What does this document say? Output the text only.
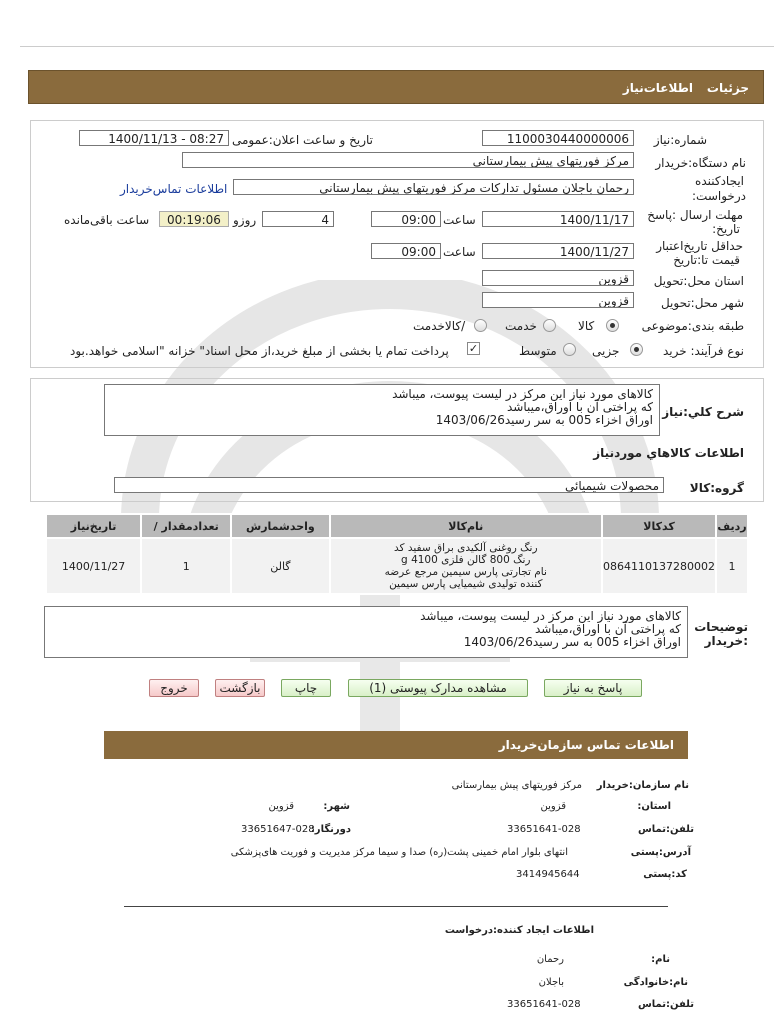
جزئیات
اطلاعات‌نیاز
شماره:نیاز
1100030440000006
تاریخ و ساعت اعلان:عمومی
1400/11/13 - 08:27
نام دستگاه:خریدار
مرکز فوریتهای پیش بیمارستانی
ایجادکننده
درخواست:
رحمان باجلان مسئول تدارکات مرکز فوریتهای پیش بیمارستانی
اطلاعات تماس‌خریدار
مهلت ارسال :پاسخ
تاریخ:
1400/11/17
ساعت
09:00
4
روزو
00:19:06
ساعت باقی‌مانده
حداقل تاریخ‌اعتبار
قیمت تا:تاریخ
1400/11/27
ساعت
09:00
استان محل:تحویل
قزوین
شهر محل:تحویل
قزوین
طبقه بندی:موضوعی
کالا
خدمت
/کالاخدمت
نوع فرآیند: خرید
جزیی
متوسط
✓
پرداخت تمام یا بخشی از مبلغ خرید،از محل اسناد" خزانه "اسلامی خواهد.بود
شرح کلي:نياز
کالاهای مورد نیاز این مرکز در لیست پیوست، میباشد
که پراختی آن با اوراق،میباشد
اوراق اخزاء 005 به سر رسید1403/06/26
اطلاعات کالاهاي موردنياز
گروه:کالا
محصولات شیمیائی
تاریخ‌نیاز	/ تعدادمقدار	واحدشمارش	نام‌کالا	کدکالا	ردیف
1400/11/27	1	گالن	رنگ روغنی آلکیدی براق سفید کد
رنگ 800 گالن فلزی 4100 g
نام تجارتی پارس سیمین مرجع عرضه
کننده تولیدی شیمیایی پارس سیمین	0864110137280002	1
توضیحات
:خریدار
کالاهای مورد نیاز این مرکز در لیست پیوست، میباشد
که پراختی آن با اوراق،میباشد
اوراق اخزاء 005 به سر رسید1403/06/26
پاسخ به نیاز
مشاهده مدارک پیوستی (1)
چاپ
بازگشت
خروج
اطلاعات تماس سازمان‌خریدار
نام سازمان:خریدار
مرکز فوریتهای پیش بیمارستانی
استان:
قزوین
شهر:
قزوین
تلفن:تماس
33651641-028
دورنگار:
33651647-028
آدرس:پستی
انتهای بلوار امام خمینی پشت(ره) صدا و سیما مرکز مدیریت و فوریت های‌پزشکی
کد:پستی
3414945644
اطلاعات ایجاد کننده:درخواست
نام:
رحمان
نام:خانوادگی
باجلان
تلفن:تماس
33651641-028
